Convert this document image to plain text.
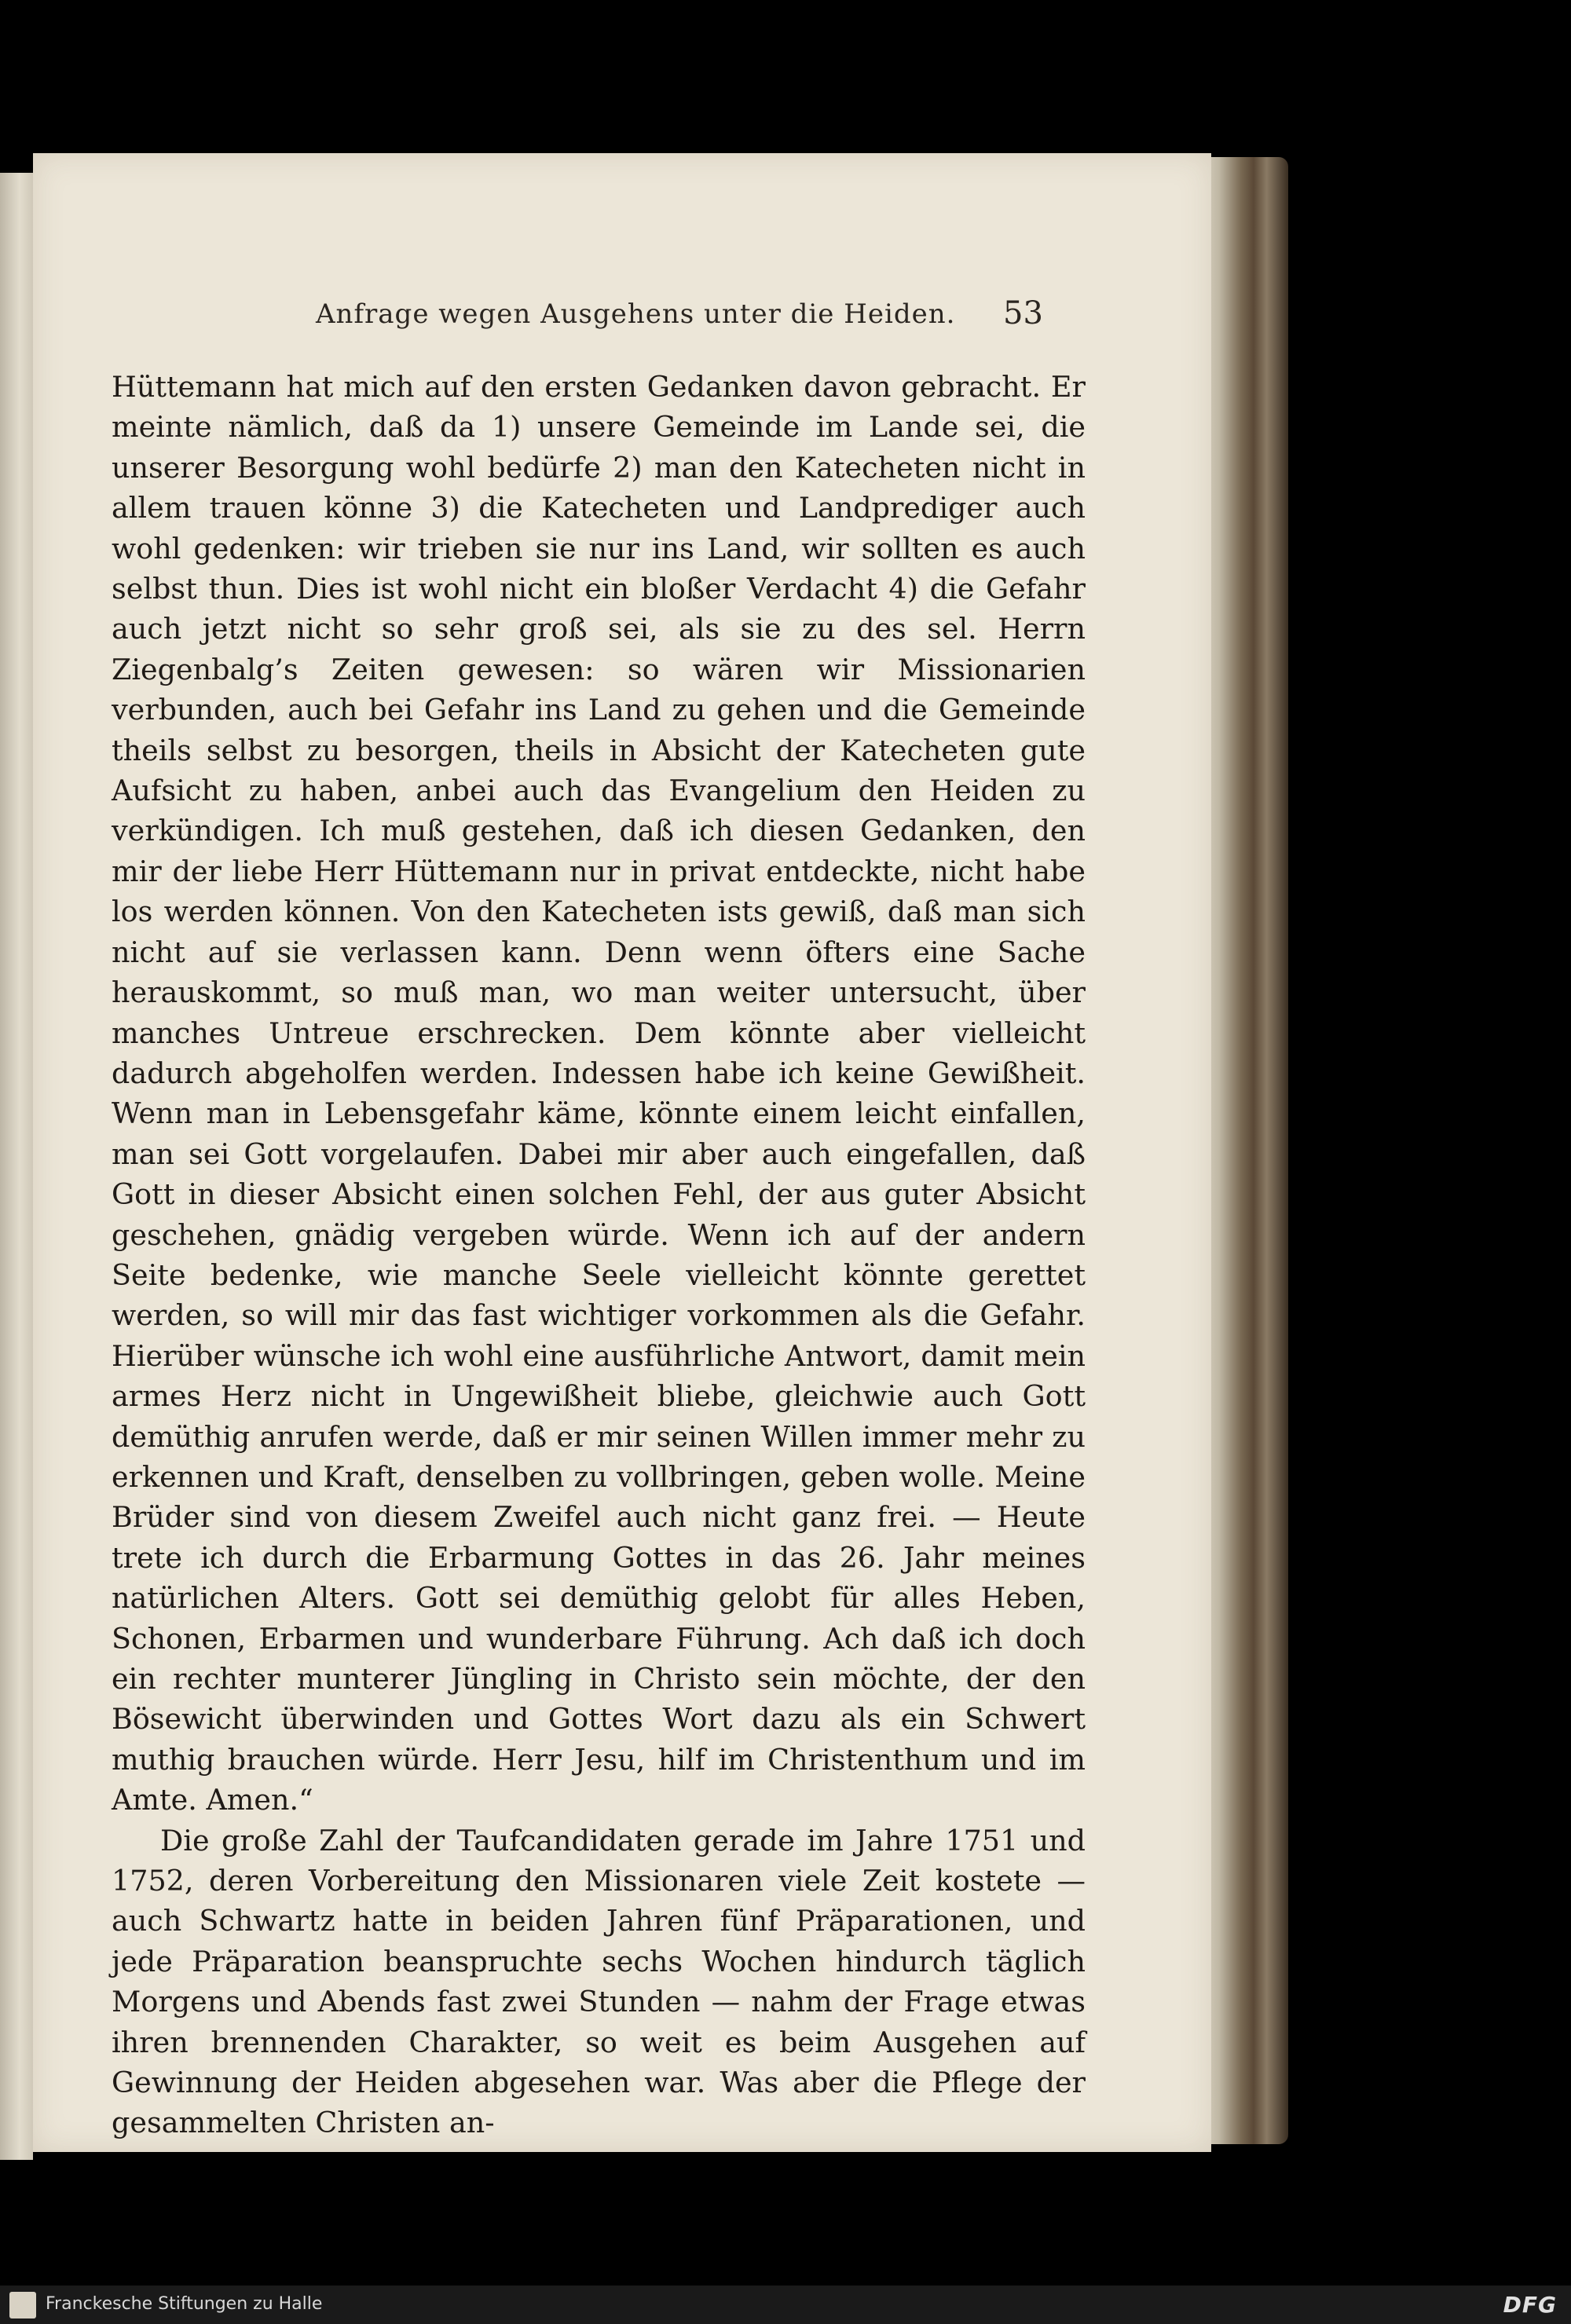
Anfrage wegen Ausgehens unter die Heiden. 53

Hüttemann hat mich auf den ersten Gedanken davon gebracht. Er meinte nämlich, daß da 1) unsere Gemeinde im Lande sei, die unserer Besorgung wohl bedürfe 2) man den Katecheten nicht in allem trauen könne 3) die Katecheten und Landprediger auch wohl gedenken: wir trieben sie nur ins Land, wir sollten es auch selbst thun. Dies ist wohl nicht ein bloßer Verdacht 4) die Gefahr auch jetzt nicht so sehr groß sei, als sie zu des sel. Herrn Ziegenbalg’s Zeiten gewesen: so wären wir Missionarien verbunden, auch bei Gefahr ins Land zu gehen und die Gemeinde theils selbst zu besorgen, theils in Absicht der Katecheten gute Aufsicht zu haben, anbei auch das Evangelium den Heiden zu verkündigen. Ich muß gestehen, daß ich diesen Gedanken, den mir der liebe Herr Hüttemann nur in privat entdeckte, nicht habe los werden können. Von den Katecheten ists gewiß, daß man sich nicht auf sie verlassen kann. Denn wenn öfters eine Sache herauskommt, so muß man, wo man weiter untersucht, über manches Untreue erschrecken. Dem könnte aber vielleicht dadurch abgeholfen werden. Indessen habe ich keine Gewißheit. Wenn man in Lebensgefahr käme, könnte einem leicht einfallen, man sei Gott vorgelaufen. Dabei mir aber auch eingefallen, daß Gott in dieser Absicht einen solchen Fehl, der aus guter Absicht geschehen, gnädig vergeben würde. Wenn ich auf der andern Seite bedenke, wie manche Seele vielleicht könnte gerettet werden, so will mir das fast wichtiger vorkommen als die Gefahr. Hierüber wünsche ich wohl eine ausführliche Antwort, damit mein armes Herz nicht in Ungewißheit bliebe, gleichwie auch Gott demüthig anrufen werde, daß er mir seinen Willen immer mehr zu erkennen und Kraft, denselben zu vollbringen, geben wolle. Meine Brüder sind von diesem Zweifel auch nicht ganz frei. — Heute trete ich durch die Erbarmung Gottes in das 26. Jahr meines natürlichen Alters. Gott sei demüthig gelobt für alles Heben, Schonen, Erbarmen und wunderbare Führung. Ach daß ich doch ein rechter munterer Jüngling in Christo sein möchte, der den Bösewicht überwinden und Gottes Wort dazu als ein Schwert muthig brauchen würde. Herr Jesu, hilf im Christenthum und im Amte. Amen.“

Die große Zahl der Taufcandidaten gerade im Jahre 1751 und 1752, deren Vorbereitung den Missionaren viele Zeit kostete — auch Schwartz hatte in beiden Jahren fünf Präparationen, und jede Präparation beanspruchte sechs Wochen hindurch täglich Morgens und Abends fast zwei Stunden — nahm der Frage etwas ihren brennenden Charakter, so weit es beim Ausgehen auf Gewinnung der Heiden abgesehen war. Was aber die Pflege der gesammelten Christen an-

Franckesche Stiftungen zu Halle	DFG
